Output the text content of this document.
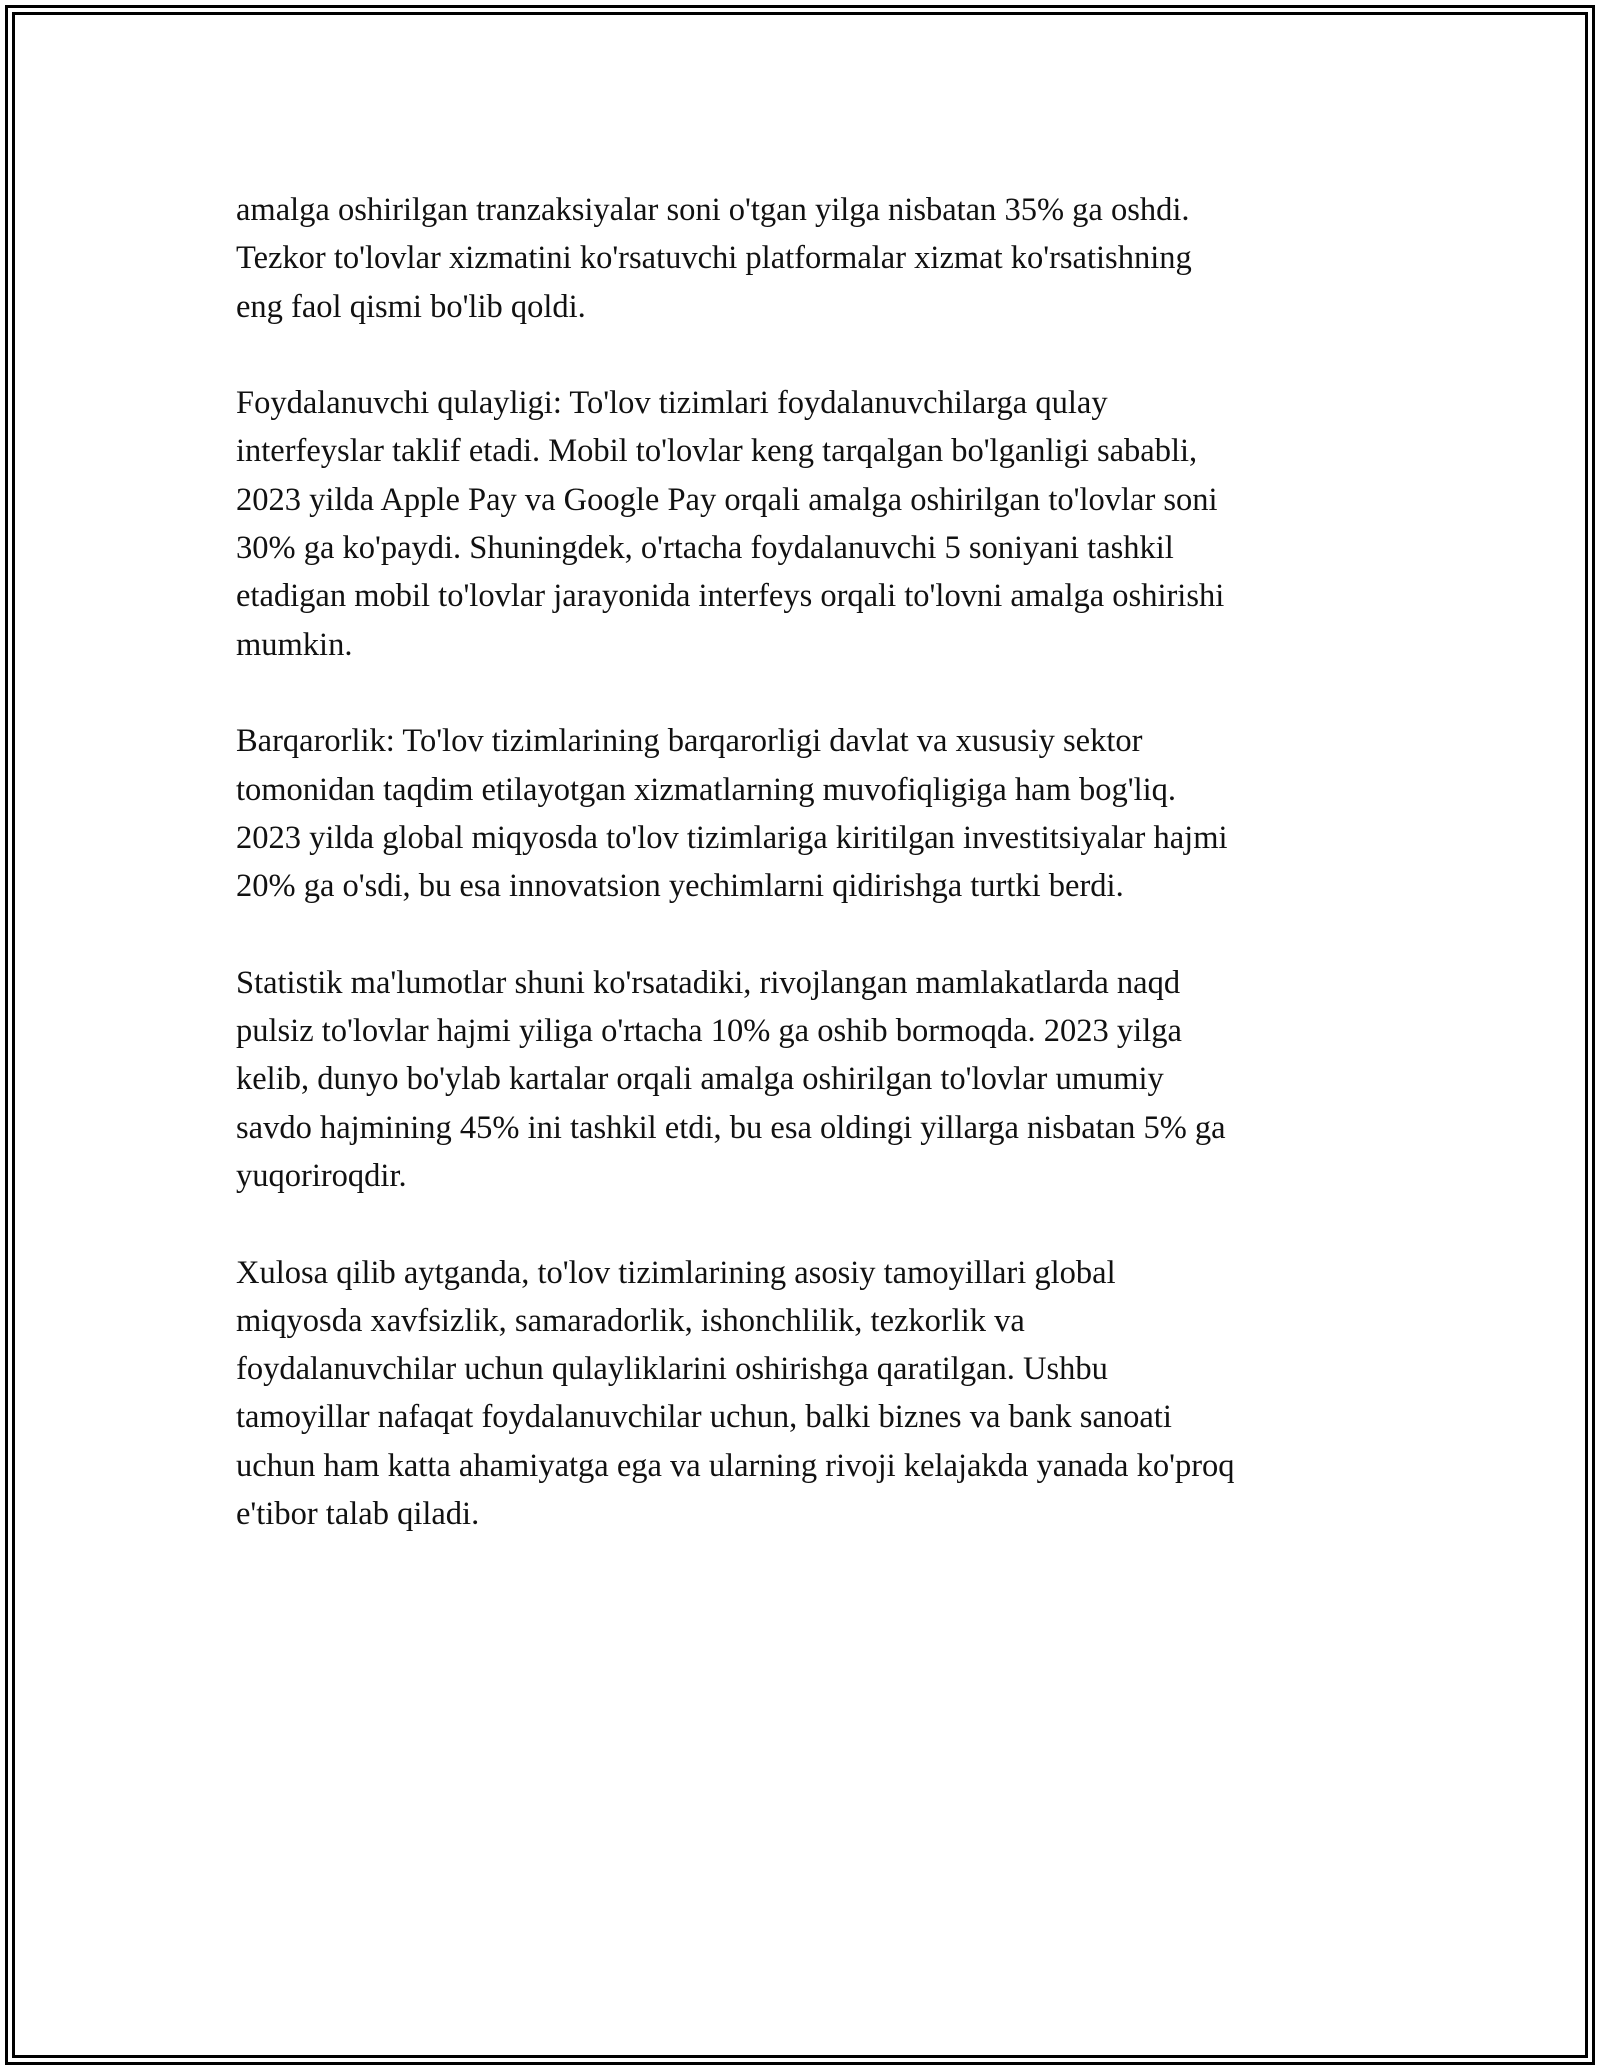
amalga oshirilgan tranzaksiyalar soni o'tgan yilga nisbatan 35% ga oshdi.
Tezkor to'lovlar xizmatini ko'rsatuvchi platformalar xizmat ko'rsatishning
eng faol qismi bo'lib qoldi.

Foydalanuvchi qulayligi: To'lov tizimlari foydalanuvchilarga qulay
interfeyslar taklif etadi. Mobil to'lovlar keng tarqalgan bo'lganligi sababli,
2023 yilda Apple Pay va Google Pay orqali amalga oshirilgan to'lovlar soni
30% ga ko'paydi. Shuningdek, o'rtacha foydalanuvchi 5 soniyani tashkil
etadigan mobil to'lovlar jarayonida interfeys orqali to'lovni amalga oshirishi
mumkin.

Barqarorlik: To'lov tizimlarining barqarorligi davlat va xususiy sektor
tomonidan taqdim etilayotgan xizmatlarning muvofiqligiga ham bog'liq.
2023 yilda global miqyosda to'lov tizimlariga kiritilgan investitsiyalar hajmi
20% ga o'sdi, bu esa innovatsion yechimlarni qidirishga turtki berdi.

Statistik ma'lumotlar shuni ko'rsatadiki, rivojlangan mamlakatlarda naqd
pulsiz to'lovlar hajmi yiliga o'rtacha 10% ga oshib bormoqda. 2023 yilga
kelib, dunyo bo'ylab kartalar orqali amalga oshirilgan to'lovlar umumiy
savdo hajmining 45% ini tashkil etdi, bu esa oldingi yillarga nisbatan 5% ga
yuqoriroqdir.

Xulosa qilib aytganda, to'lov tizimlarining asosiy tamoyillari global
miqyosda xavfsizlik, samaradorlik, ishonchlilik, tezkorlik va
foydalanuvchilar uchun qulayliklarini oshirishga qaratilgan. Ushbu
tamoyillar nafaqat foydalanuvchilar uchun, balki biznes va bank sanoati
uchun ham katta ahamiyatga ega va ularning rivoji kelajakda yanada ko'proq
e'tibor talab qiladi.
